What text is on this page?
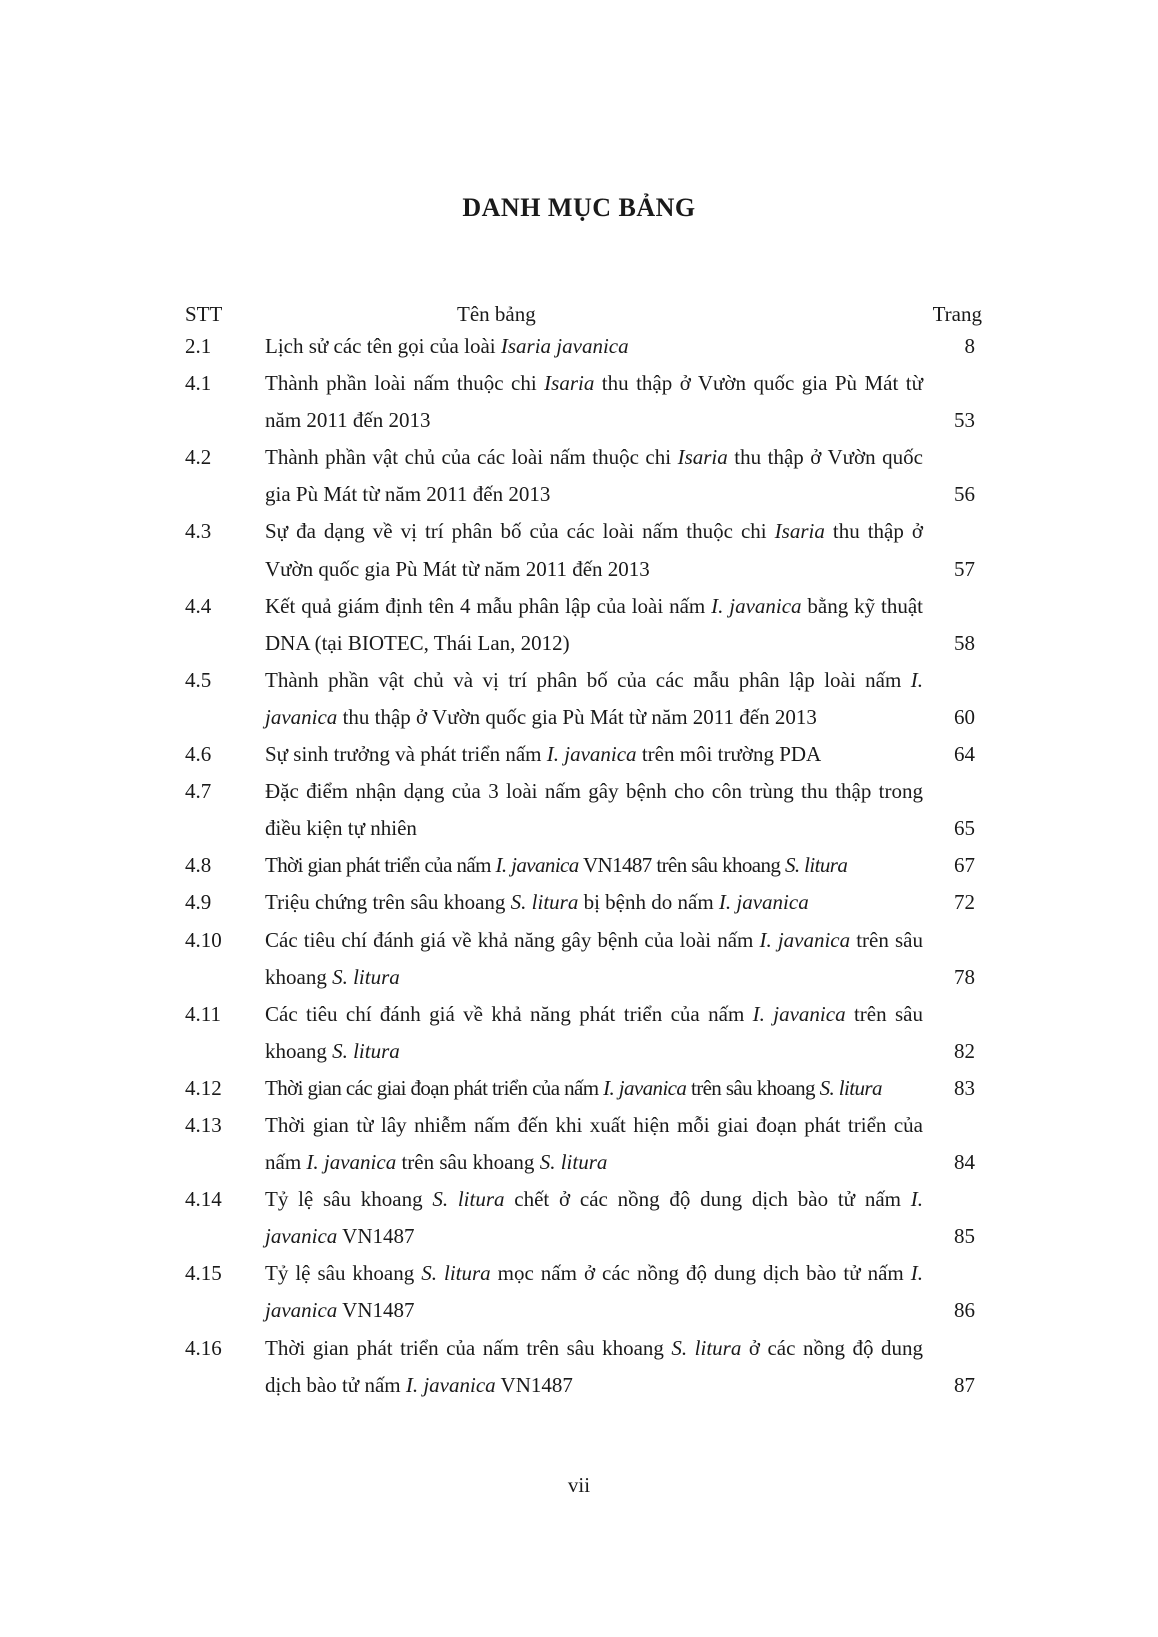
DANH MỤC BẢNG
STT	Tên bảng	Trang
2.1	Lịch sử các tên gọi của loài Isaria javanica	8
4.1	Thành phần loài nấm thuộc chi Isaria thu thập ở Vườn quốc gia Pù Mát từ năm 2011 đến 2013	53
4.2	Thành phần vật chủ của các loài nấm thuộc chi Isaria thu thập ở Vườn quốc gia Pù Mát từ năm 2011 đến 2013	56
4.3	Sự đa dạng về vị trí phân bố của các loài nấm thuộc chi Isaria thu thập ở Vườn quốc gia Pù Mát từ năm 2011 đến 2013	57
4.4	Kết quả giám định tên 4 mẫu phân lập của loài nấm I. javanica bằng kỹ thuật DNA (tại BIOTEC, Thái Lan, 2012)	58
4.5	Thành phần vật chủ và vị trí phân bố của các mẫu phân lập loài nấm I. javanica thu thập ở Vườn quốc gia Pù Mát từ năm 2011 đến 2013	60
4.6	Sự sinh trưởng và phát triển nấm I. javanica trên môi trường PDA	64
4.7	Đặc điểm nhận dạng của 3 loài nấm gây bệnh cho côn trùng thu thập trong điều kiện tự nhiên	65
4.8	Thời gian phát triển của nấm I. javanica VN1487 trên sâu khoang S. litura	67
4.9	Triệu chứng trên sâu khoang S. litura bị bệnh do nấm I. javanica	72
4.10 Các tiêu chí đánh giá về khả năng gây bệnh của loài nấm I. javanica trên sâu khoang S. litura	78
4.11 Các tiêu chí đánh giá về khả năng phát triển của nấm I. javanica trên sâu khoang S. litura	82
4.12 Thời gian các giai đoạn phát triển của nấm I. javanica trên sâu khoang S. litura	83
4.13 Thời gian từ lây nhiễm nấm đến khi xuất hiện mỗi giai đoạn phát triển của nấm I. javanica trên sâu khoang S. litura	84
4.14 Tỷ lệ sâu khoang S. litura chết ở các nồng độ dung dịch bào tử nấm I. javanica VN1487	85
4.15 Tỷ lệ sâu khoang S. litura mọc nấm ở các nồng độ dung dịch bào tử nấm I. javanica VN1487	86
4.16 Thời gian phát triển của nấm trên sâu khoang S. litura ở các nồng độ dung dịch bào tử nấm I. javanica VN1487	87
vii
